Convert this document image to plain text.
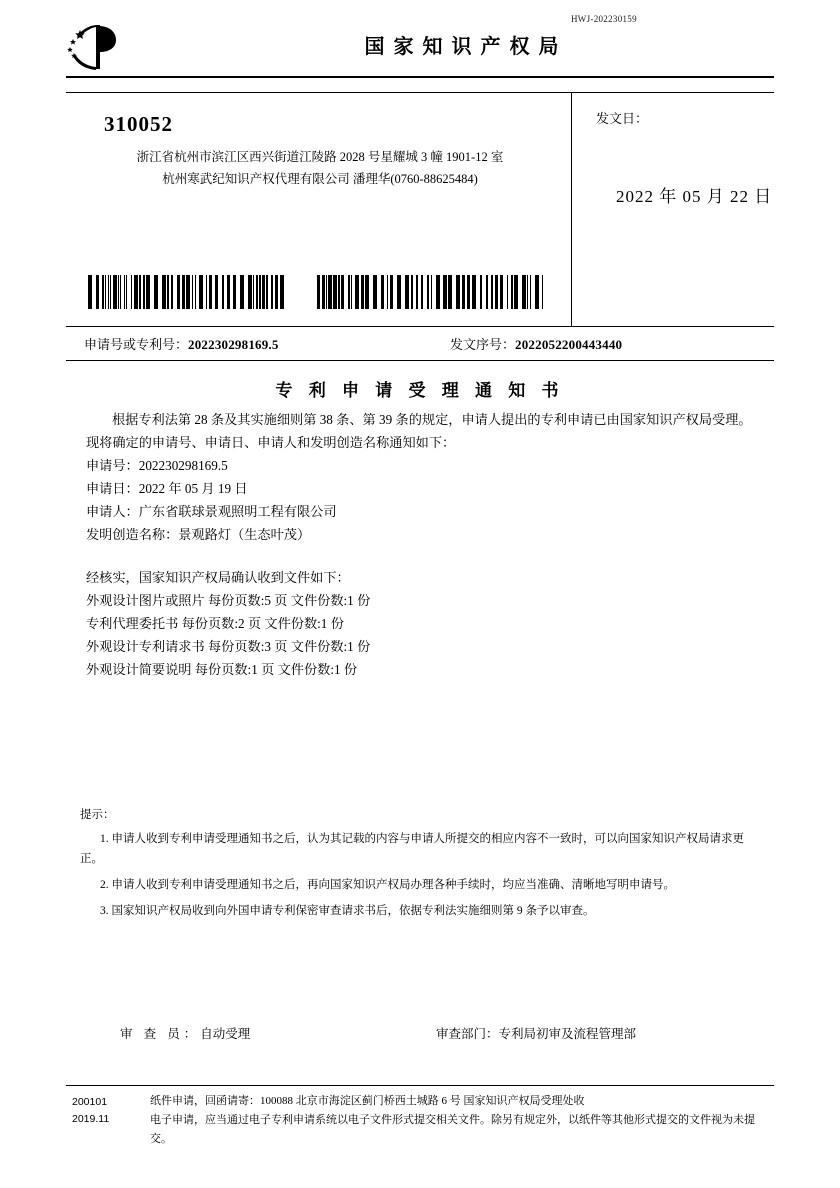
HWJ-202230159
国家知识产权局
310052
浙江省杭州市滨江区西兴街道江陵路 2028 号星耀城 3 幢 1901-12 室
杭州寒武纪知识产权代理有限公司 潘理华(0760-88625484)
发文日：
2022 年 05 月 22 日
申请号或专利号：202230298169.5	发文序号：2022052200443440
专 利 申 请 受 理 通 知 书

根据专利法第 28 条及其实施细则第 38 条、第 39 条的规定，申请人提出的专利申请已由国家知识产权局受理。现将确定的申请号、申请日、申请人和发明创造名称通知如下：

申请号：202230298169.5

申请日：2022 年 05 月 19 日

申请人：广东省联球景观照明工程有限公司

发明创造名称：景观路灯（生态叶茂）

经核实，国家知识产权局确认收到文件如下：

外观设计图片或照片 每份页数:5 页 文件份数:1 份

专利代理委托书 每份页数:2 页 文件份数:1 份

外观设计专利请求书 每份页数:3 页 文件份数:1 份

外观设计简要说明 每份页数:1 页 文件份数:1 份

提示：
1. 申请人收到专利申请受理通知书之后，认为其记载的内容与申请人所提交的相应内容不一致时，可以向国家知识产权局请求更正。
2. 申请人收到专利申请受理通知书之后，再向国家知识产权局办理各种手续时，均应当准确、清晰地写明申请号。
3. 国家知识产权局收到向外国申请专利保密审查请求书后，依据专利法实施细则第 9 条予以审查。
审 查 员：自动受理	审查部门：专利局初审及流程管理部
200101
2019.11

纸件申请，回函请寄：100088 北京市海淀区蓟门桥西土城路 6 号 国家知识产权局受理处收

电子申请，应当通过电子专利申请系统以电子文件形式提交相关文件。除另有规定外，以纸件等其他形式提交的文件视为未提交。
